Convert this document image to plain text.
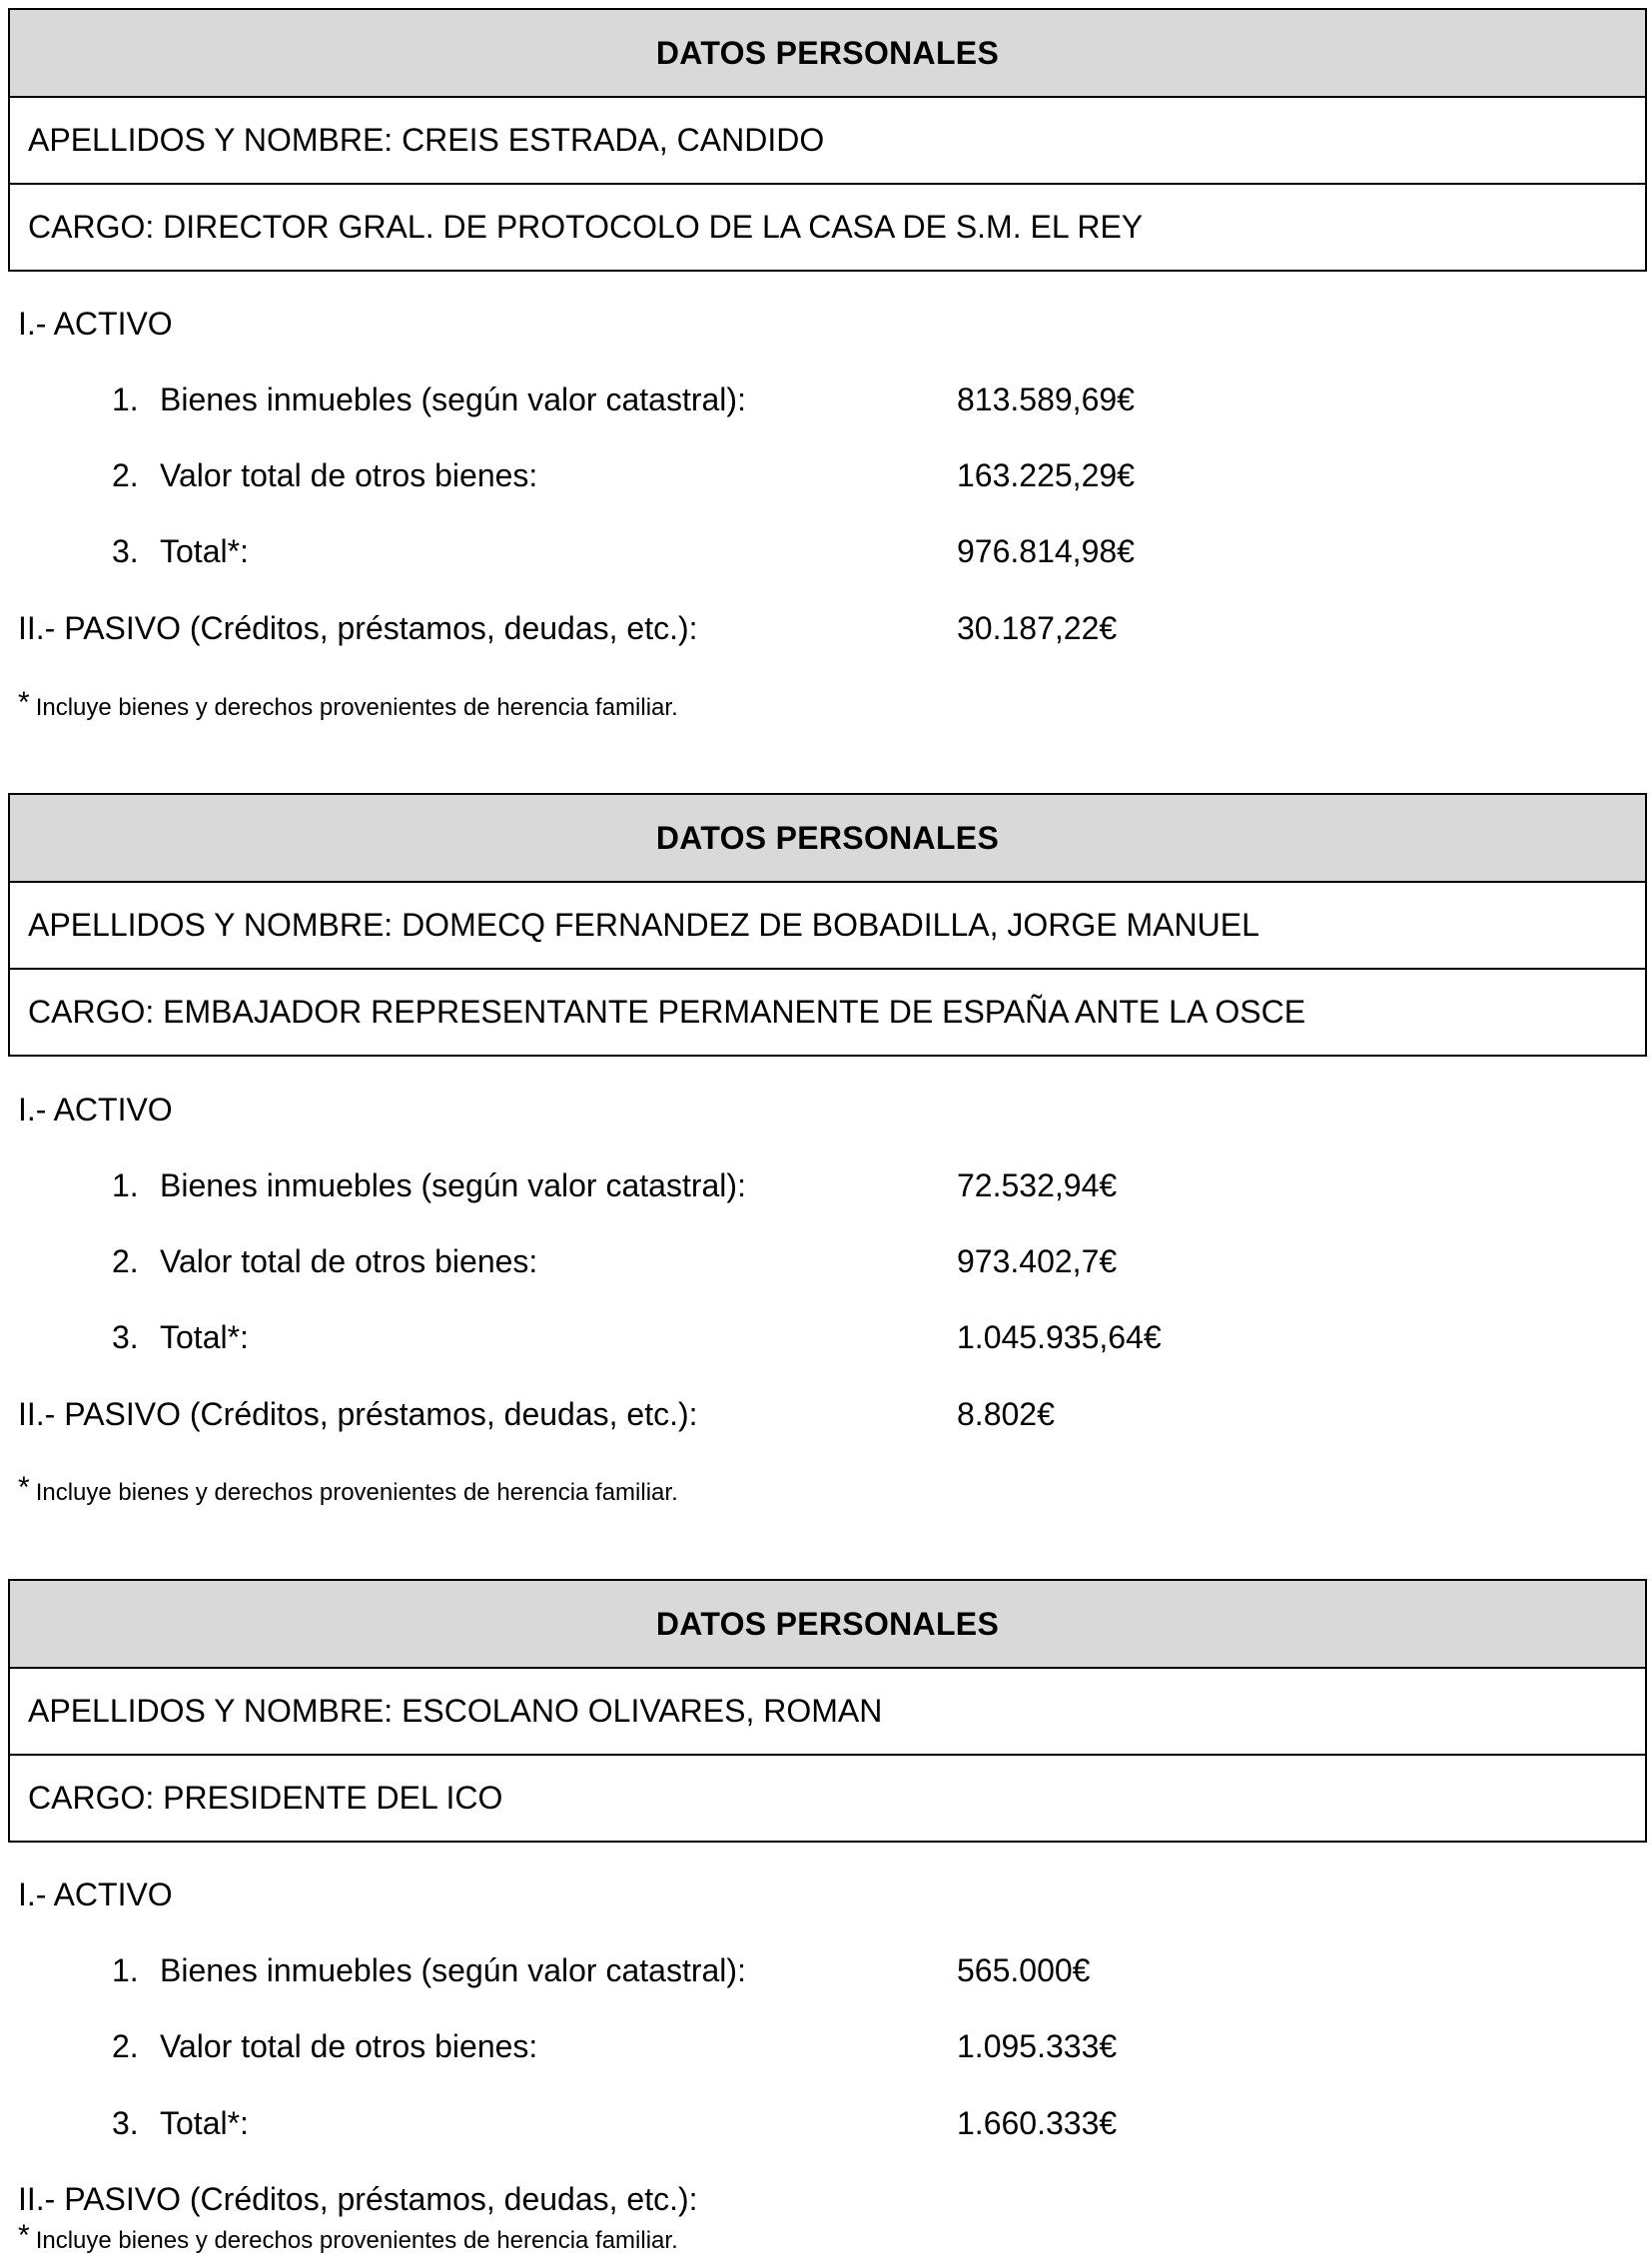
DATOS PERSONALES
APELLIDOS Y NOMBRE: CREIS ESTRADA, CANDIDO
CARGO: DIRECTOR GRAL. DE PROTOCOLO DE LA CASA DE S.M. EL REY
I.- ACTIVO
1. Bienes inmuebles (según valor catastral):	813.589,69€
2. Valor total de otros bienes:	163.225,29€
3. Total*:	976.814,98€
II.- PASIVO (Créditos, préstamos, deudas, etc.):	30.187,22€
* Incluye bienes y derechos provenientes de herencia familiar.
DATOS PERSONALES
APELLIDOS Y NOMBRE: DOMECQ FERNANDEZ DE BOBADILLA, JORGE MANUEL
CARGO: EMBAJADOR REPRESENTANTE PERMANENTE DE ESPAÑA ANTE LA OSCE
I.- ACTIVO
1. Bienes inmuebles (según valor catastral):	72.532,94€
2. Valor total de otros bienes:	973.402,7€
3. Total*:	1.045.935,64€
II.- PASIVO (Créditos, préstamos, deudas, etc.):	8.802€
* Incluye bienes y derechos provenientes de herencia familiar.
DATOS PERSONALES
APELLIDOS Y NOMBRE: ESCOLANO OLIVARES, ROMAN
CARGO: PRESIDENTE DEL ICO
I.- ACTIVO
1. Bienes inmuebles (según valor catastral):	565.000€
2. Valor total de otros bienes:	1.095.333€
3. Total*:	1.660.333€
II.- PASIVO (Créditos, préstamos, deudas, etc.):
* Incluye bienes y derechos provenientes de herencia familiar.
